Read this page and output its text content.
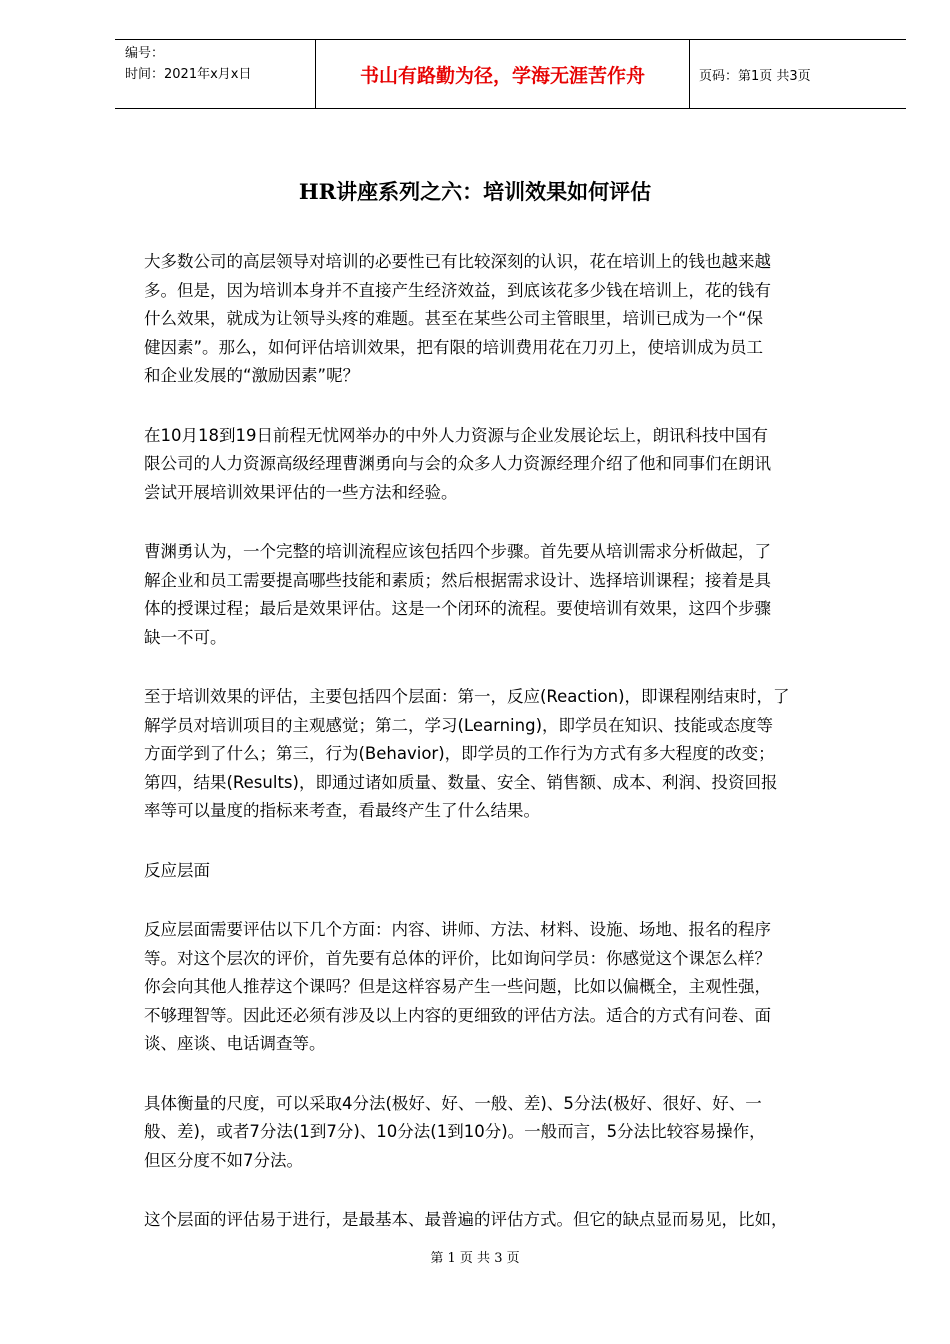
编号：
时间：2021年x月x日	书山有路勤为径，学海无涯苦作舟	页码：第1页 共3页
HR讲座系列之六：培训效果如何评估

大多数公司的高层领导对培训的必要性已有比较深刻的认识，花在培训上的钱也越来越
多。但是，因为培训本身并不直接产生经济效益，到底该花多少钱在培训上，花的钱有
什么效果，就成为让领导头疼的难题。甚至在某些公司主管眼里，培训已成为一个“保
健因素”。那么，如何评估培训效果，把有限的培训费用花在刀刃上，使培训成为员工
和企业发展的“激励因素”呢？

在10月18到19日前程无忧网举办的中外人力资源与企业发展论坛上，朗讯科技中国有
限公司的人力资源高级经理曹渊勇向与会的众多人力资源经理介绍了他和同事们在朗讯
尝试开展培训效果评估的一些方法和经验。

曹渊勇认为，一个完整的培训流程应该包括四个步骤。首先要从培训需求分析做起，了
解企业和员工需要提高哪些技能和素质；然后根据需求设计、选择培训课程；接着是具
体的授课过程；最后是效果评估。这是一个闭环的流程。要使培训有效果，这四个步骤
缺一不可。

至于培训效果的评估，主要包括四个层面：第一，反应(Reaction)，即课程刚结束时，了
解学员对培训项目的主观感觉；第二，学习(Learning)，即学员在知识、技能或态度等
方面学到了什么；第三，行为(Behavior)，即学员的工作行为方式有多大程度的改变；
第四，结果(Results)，即通过诸如质量、数量、安全、销售额、成本、利润、投资回报
率等可以量度的指标来考查，看最终产生了什么结果。

反应层面

反应层面需要评估以下几个方面：内容、讲师、方法、材料、设施、场地、报名的程序
等。对这个层次的评价，首先要有总体的评价，比如询问学员：你感觉这个课怎么样？
你会向其他人推荐这个课吗？但是这样容易产生一些问题，比如以偏概全，主观性强，
不够理智等。因此还必须有涉及以上内容的更细致的评估方法。适合的方式有问卷、面
谈、座谈、电话调查等。

具体衡量的尺度，可以采取4分法(极好、好、一般、差)、5分法(极好、很好、好、一
般、差)，或者7分法(1到7分)、10分法(1到10分)。一般而言，5分法比较容易操作，
但区分度不如7分法。

这个层面的评估易于进行，是最基本、最普遍的评估方式。但它的缺点显而易见，比如，

第 1 页 共 3 页
